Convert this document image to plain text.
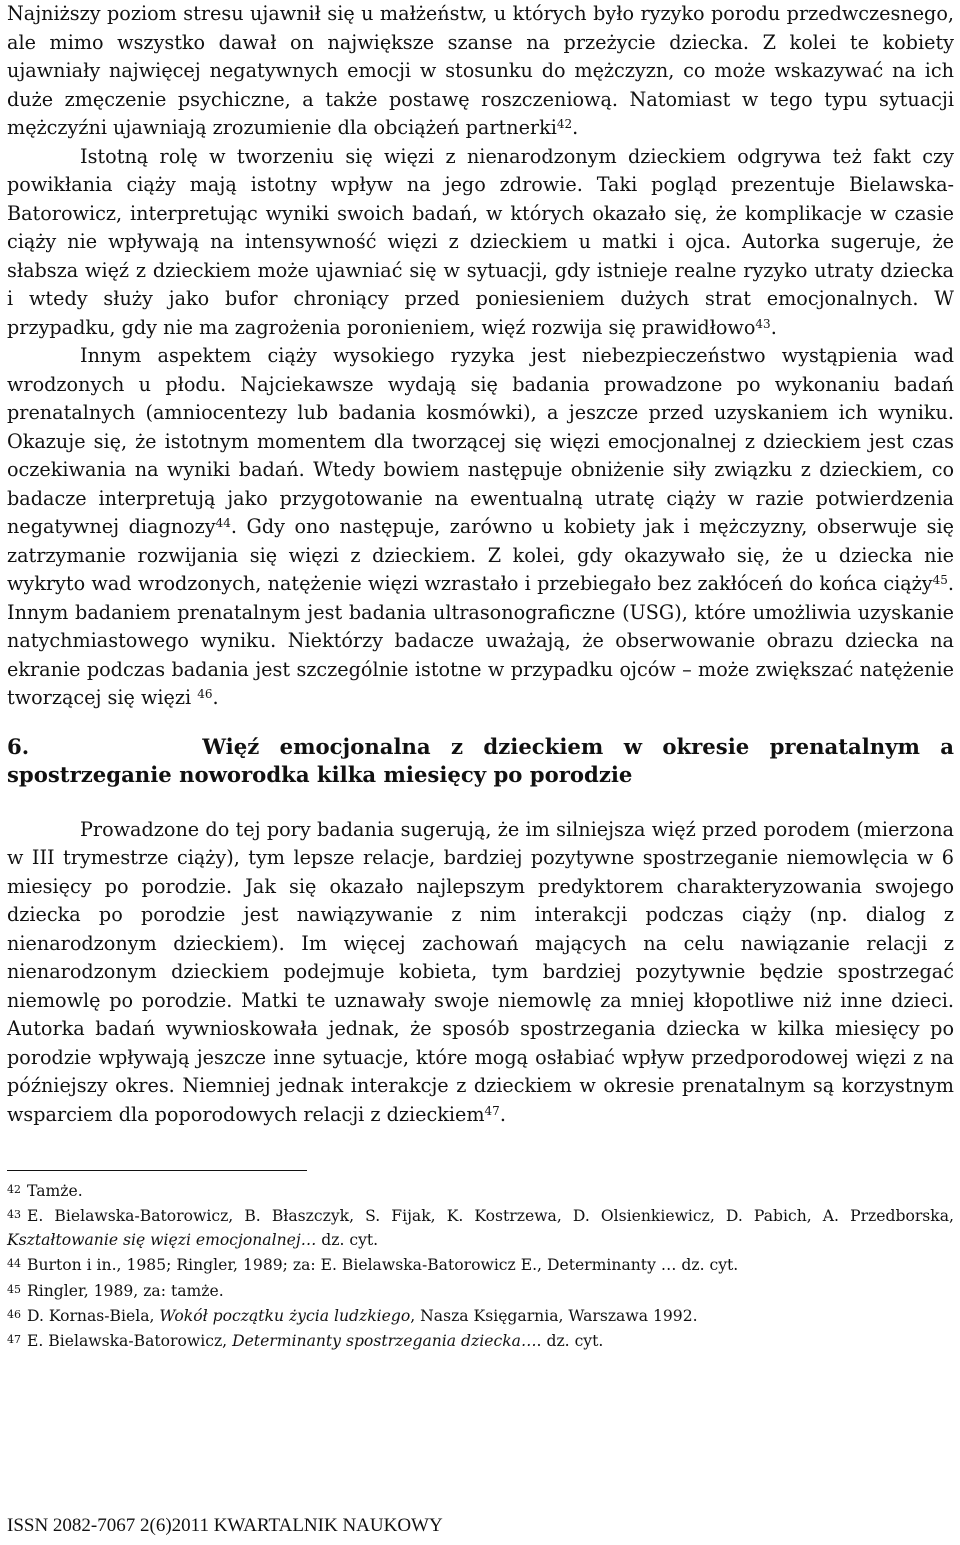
Najniższy poziom stresu ujawnił się u małżeństw, u których było ryzyko porodu przedwczesnego, ale mimo wszystko dawał on największe szanse na przeżycie dziecka. Z kolei te kobiety ujawniały najwięcej negatywnych emocji w stosunku do mężczyzn, co może wskazywać na ich duże zmęczenie psychiczne, a także postawę roszczeniową. Natomiast w tego typu sytuacji mężczyźni ujawniają zrozumienie dla obciążeń partnerki$^{42}$.

Istotną rolę w tworzeniu się więzi z nienarodzonym dzieckiem odgrywa też fakt czy powikłania ciąży mają istotny wpływ na jego zdrowie. Taki pogląd prezentuje Bielawska-Batorowicz, interpretując wyniki swoich badań, w których okazało się, że komplikacje w czasie ciąży nie wpływają na intensywność więzi z dzieckiem u matki i ojca. Autorka sugeruje, że słabsza więź z dzieckiem może ujawniać się w sytuacji, gdy istnieje realne ryzyko utraty dziecka i wtedy służy jako bufor chroniący przed poniesieniem dużych strat emocjonalnych. W przypadku, gdy nie ma zagrożenia poronieniem, więź rozwija się prawidłowo$^{43}$.

Innym aspektem ciąży wysokiego ryzyka jest niebezpieczeństwo wystąpienia wad wrodzonych u płodu. Najciekawsze wydają się badania prowadzone po wykonaniu badań prenatalnych (amniocentezy lub badania kosmówki), a jeszcze przed uzyskaniem ich wyniku. Okazuje się, że istotnym momentem dla tworzącej się więzi emocjonalnej z dzieckiem jest czas oczekiwania na wyniki badań. Wtedy bowiem następuje obniżenie siły związku z dzieckiem, co badacze interpretują jako przygotowanie na ewentualną utratę ciąży w razie potwierdzenia negatywnej diagnozy$^{44}$. Gdy ono następuje, zarówno u kobiety jak i mężczyzny, obserwuje się zatrzymanie rozwijania się więzi z dzieckiem. Z kolei, gdy okazywało się, że u dziecka nie wykryto wad wrodzonych, natężenie więzi wzrastało i przebiegało bez zakłóceń do końca ciąży$^{45}$. Innym badaniem prenatalnym jest badania ultrasonograficzne (USG), które umożliwia uzyskanie natychmiastowego wyniku. Niektórzy badacze uważają, że obserwowanie obrazu dziecka na ekranie podczas badania jest szczególnie istotne w przypadku ojców – może zwiększać natężenie tworzącej się więzi $^{46}$.

6.	Więź emocjonalna z dzieckiem w okresie prenatalnym a spostrzeganie noworodka kilka miesięcy po porodzie

Prowadzone do tej pory badania sugerują, że im silniejsza więź przed porodem (mierzona w III trymestrze ciąży), tym lepsze relacje, bardziej pozytywne spostrzeganie niemowlęcia w 6 miesięcy po porodzie. Jak się okazało najlepszym predyktorem charakteryzowania swojego dziecka po porodzie jest nawiązywanie z nim interakcji podczas ciąży (np. dialog z nienarodzonym dzieckiem). Im więcej zachowań mających na celu nawiązanie relacji z nienarodzonym dzieckiem podejmuje kobieta, tym bardziej pozytywnie będzie spostrzegać niemowlę po porodzie. Matki te uznawały swoje niemowlę za mniej kłopotliwe niż inne dzieci. Autorka badań wywnioskowała jednak, że sposób spostrzegania dziecka w kilka miesięcy po porodzie wpływają jeszcze inne sytuacje, które mogą osłabiać wpływ przedporodowej więzi z na późniejszy okres. Niemniej jednak interakcje z dzieckiem w okresie prenatalnym są korzystnym wsparciem dla poporodowych relacji z dzieckiem$^{47}$.

42 Tamże.

43 E. Bielawska-Batorowicz, B. Błaszczyk, S. Fijak, K. Kostrzewa, D. Olsienkiewicz, D. Pabich, A. Przedborska, Kształtowanie się więzi emocjonalnej… dz. cyt.

44 Burton i in., 1985; Ringler, 1989; za: E. Bielawska-Batorowicz E., Determinanty … dz. cyt.

45 Ringler, 1989, za: tamże.

46 D. Kornas-Biela, Wokół początku życia ludzkiego, Nasza Księgarnia, Warszawa 1992.

47 E. Bielawska-Batorowicz, Determinanty spostrzegania dziecka…. dz. cyt.

ISSN 2082-7067 2(6)2011 KWARTALNIK NAUKOWY
